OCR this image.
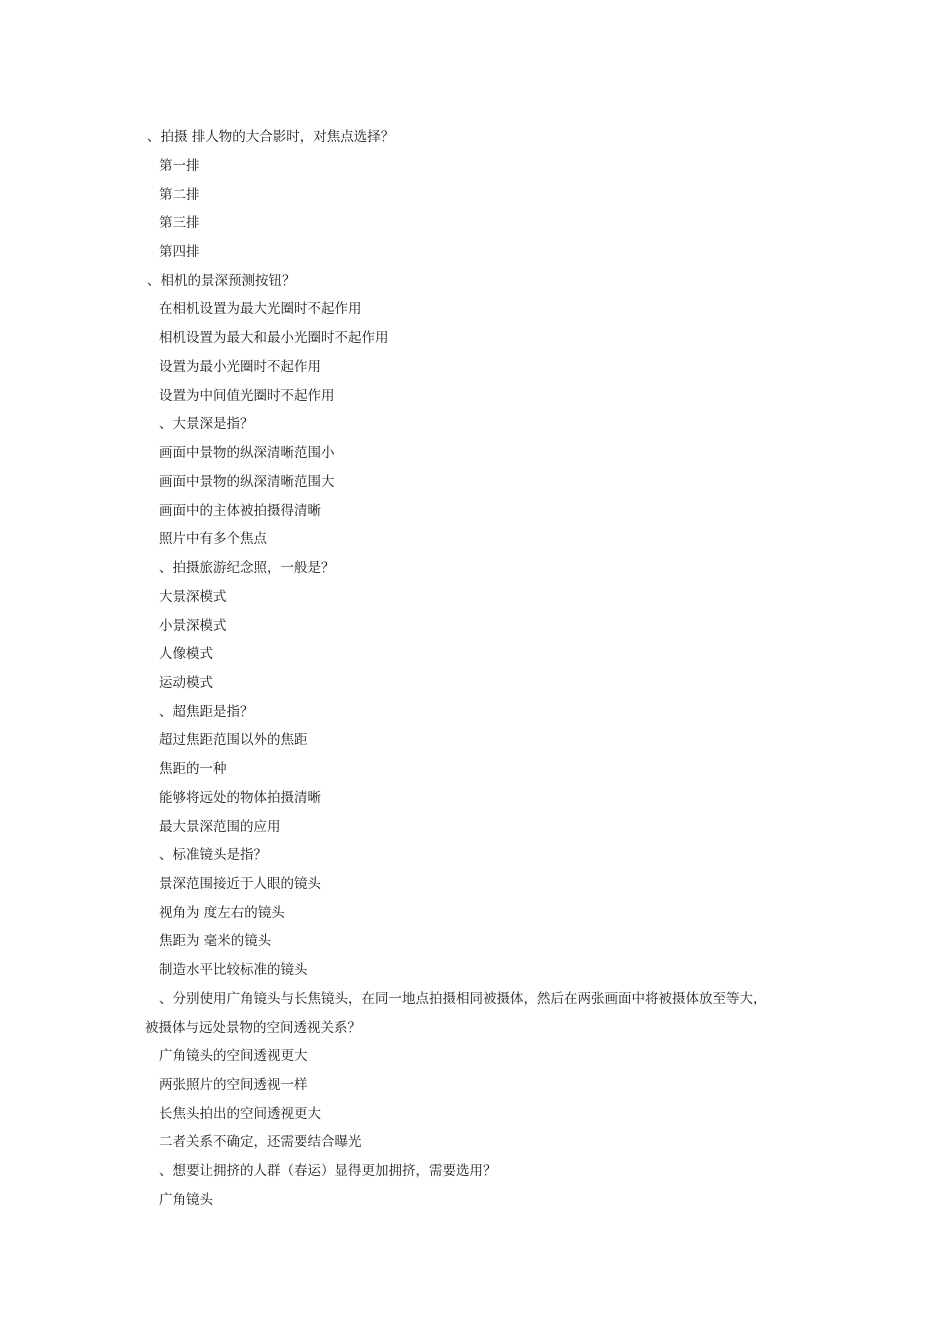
、拍摄 排人物的大合影时，对焦点选择？
第一排
第二排
第三排
第四排
、相机的景深预测按钮？
在相机设置为最大光圈时不起作用
相机设置为最大和最小光圈时不起作用
设置为最小光圈时不起作用
设置为中间值光圈时不起作用
、大景深是指？
画面中景物的纵深清晰范围小
画面中景物的纵深清晰范围大
画面中的主体被拍摄得清晰
照片中有多个焦点
、拍摄旅游纪念照，一般是？
大景深模式
小景深模式
人像模式
运动模式
、超焦距是指？
超过焦距范围以外的焦距
焦距的一种
能够将远处的物体拍摄清晰
最大景深范围的应用
、标准镜头是指？
景深范围接近于人眼的镜头
视角为 度左右的镜头
焦距为 毫米的镜头
制造水平比较标准的镜头
、分别使用广角镜头与长焦镜头，在同一地点拍摄相同被摄体，然后在两张画面中将被摄体放至等大，
被摄体与远处景物的空间透视关系？
广角镜头的空间透视更大
两张照片的空间透视一样
长焦头拍出的空间透视更大
二者关系不确定，还需要结合曝光
、想要让拥挤的人群（春运）显得更加拥挤，需要选用？
广角镜头
